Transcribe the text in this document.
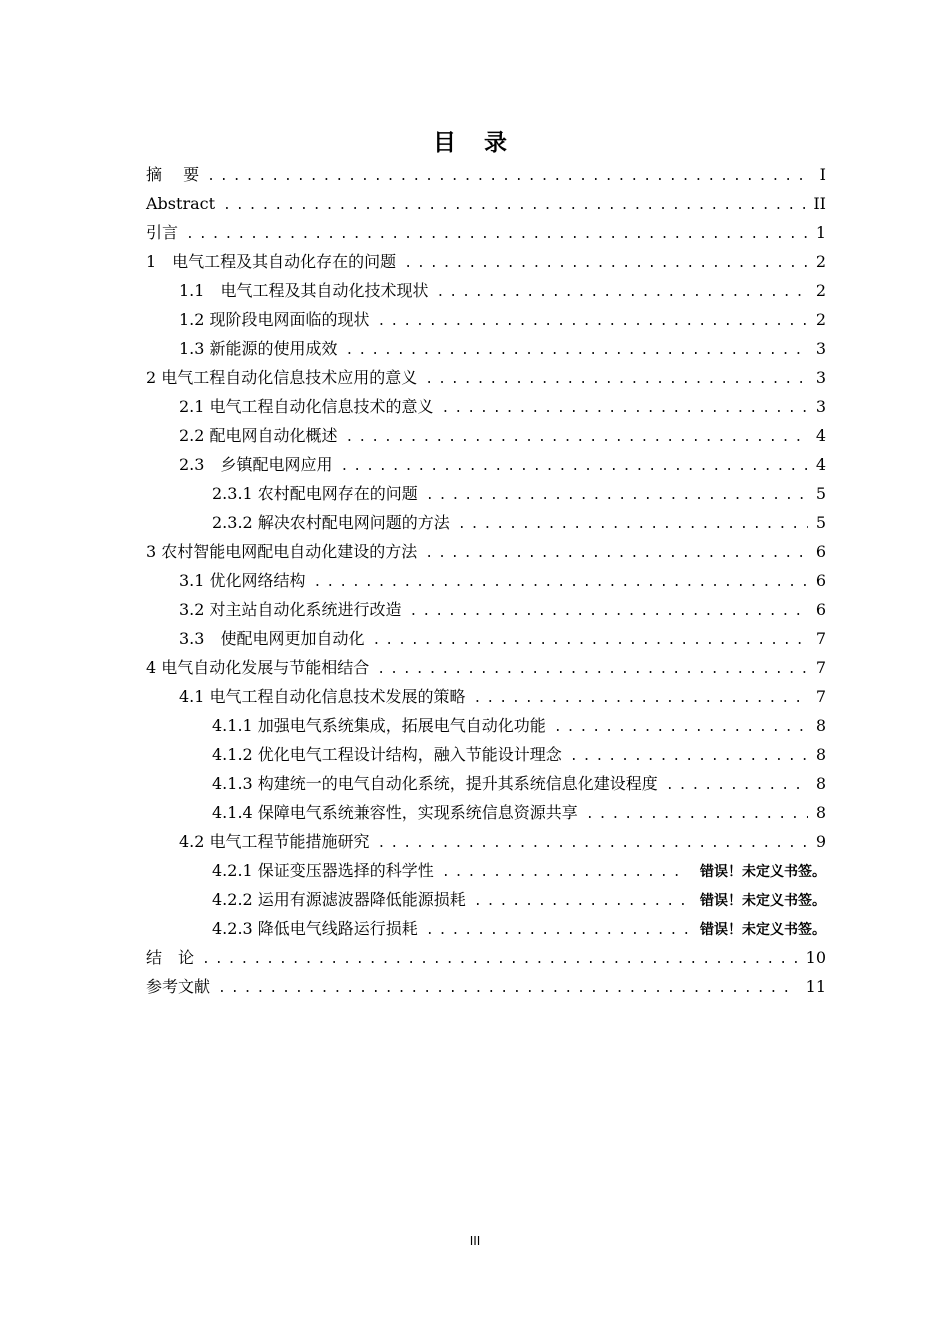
目 录
摘　 要 .....	I
Abstract .....	II
引言 .....	1
1　电气工程及其自动化存在的问题 .....	2
1.1　电气工程及其自动化技术现状 .....	2
1.2 现阶段电网面临的现状 .....	2
1.3 新能源的使用成效 .....	3
2 电气工程自动化信息技术应用的意义 .....	3
2.1 电气工程自动化信息技术的意义 .....	3
2.2 配电网自动化概述 .....	4
2.3　乡镇配电网应用 .....	4
2.3.1 农村配电网存在的问题 .....	5
2.3.2 解决农村配电网问题的方法 .....	5
3 农村智能电网配电自动化建设的方法 .....	6
3.1 优化网络结构 .....	6
3.2 对主站自动化系统进行改造 .....	6
3.3　使配电网更加自动化 .....	7
4 电气自动化发展与节能相结合 .....	7
4.1 电气工程自动化信息技术发展的策略 .....	7
4.1.1 加强电气系统集成，拓展电气自动化功能 .....	8
4.1.2 优化电气工程设计结构，融入节能设计理念 .....	8
4.1.3 构建统一的电气自动化系统，提升其系统信息化建设程度 .....	8
4.1.4 保障电气系统兼容性，实现系统信息资源共享 .....	8
4.2 电气工程节能措施研究 .....	9
4.2.1 保证变压器选择的科学性 .....	错误！未定义书签。
4.2.2 运用有源滤波器降低能源损耗 .....	错误！未定义书签。
4.2.3 降低电气线路运行损耗 .....	错误！未定义书签。
结　论 .....	10
参考文献 .....	11
III
